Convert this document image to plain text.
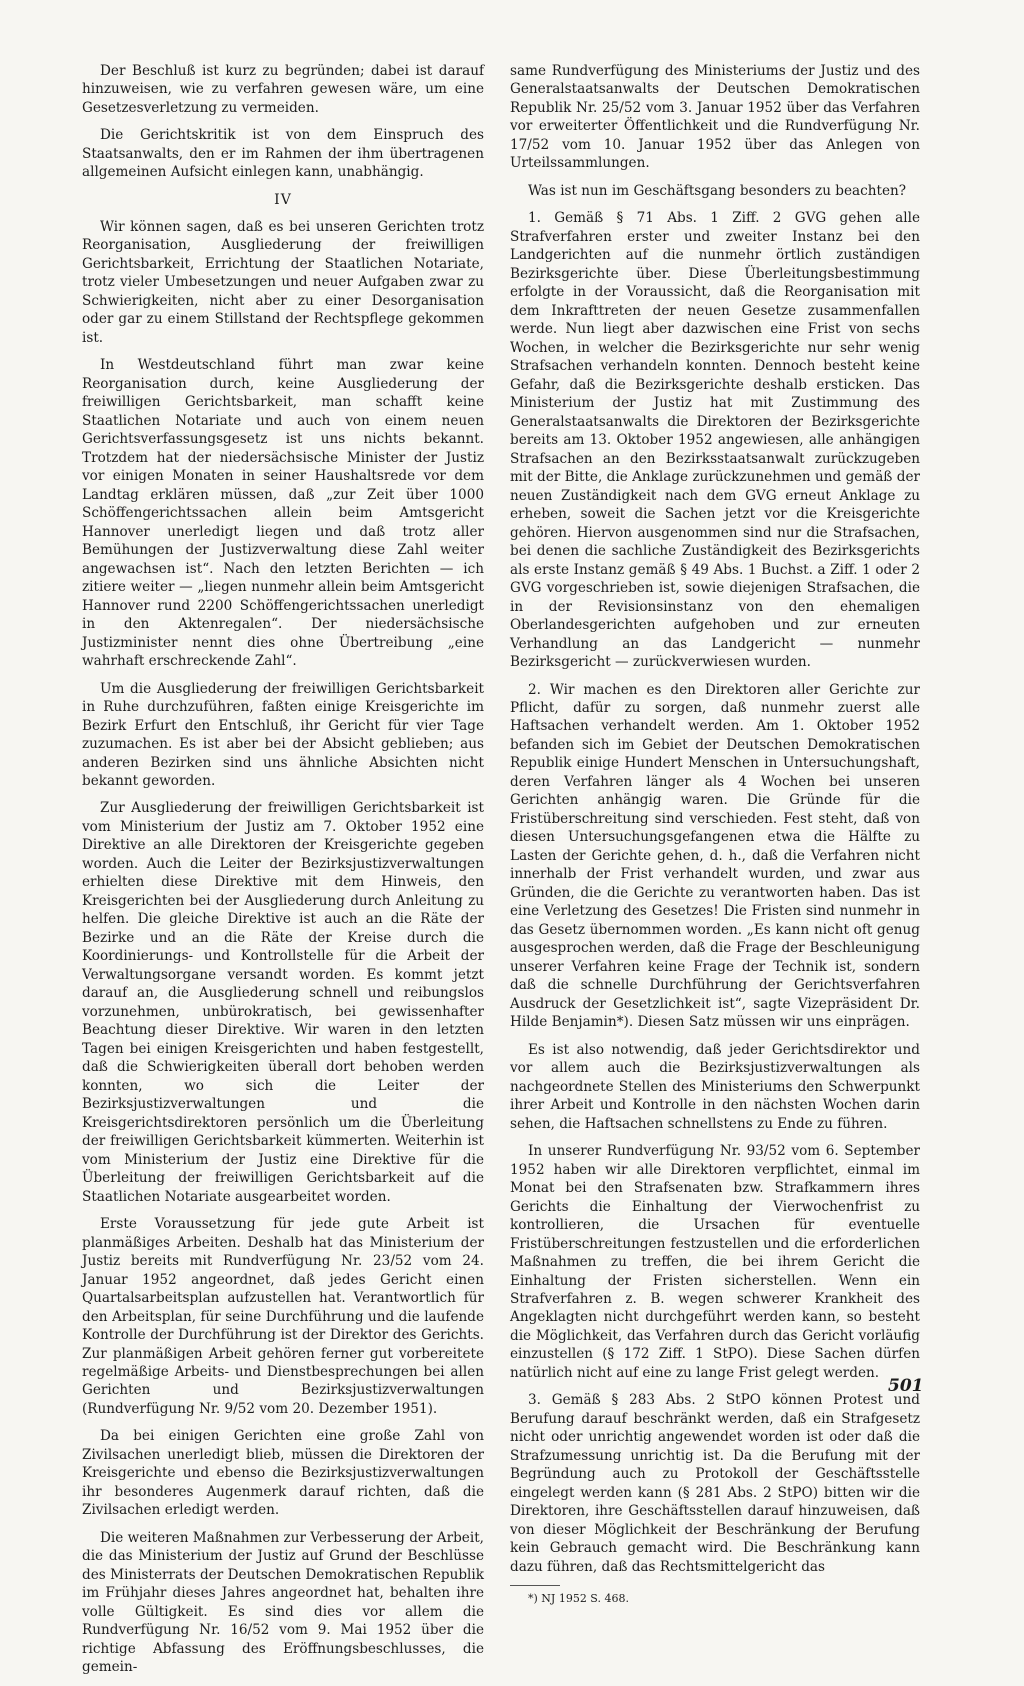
Der Beschluß ist kurz zu begründen; dabei ist darauf hinzuweisen, wie zu verfahren gewesen wäre, um eine Gesetzesverletzung zu vermeiden.

Die Gerichtskritik ist von dem Einspruch des Staatsanwalts, den er im Rahmen der ihm übertragenen allgemeinen Aufsicht einlegen kann, unabhängig.

IV

Wir können sagen, daß es bei unseren Gerichten trotz Reorganisation, Ausgliederung der freiwilligen Gerichtsbarkeit, Errichtung der Staatlichen Notariate, trotz vieler Umbesetzungen und neuer Aufgaben zwar zu Schwierigkeiten, nicht aber zu einer Desorganisation oder gar zu einem Stillstand der Rechtspflege gekommen ist.

In Westdeutschland führt man zwar keine Reorganisation durch, keine Ausgliederung der freiwilligen Gerichtsbarkeit, man schafft keine Staatlichen Notariate und auch von einem neuen Gerichtsverfassungsgesetz ist uns nichts bekannt. Trotzdem hat der niedersächsische Minister der Justiz vor einigen Monaten in seiner Haushaltsrede vor dem Landtag erklären müssen, daß „zur Zeit über 1000 Schöffengerichtssachen allein beim Amtsgericht Hannover unerledigt liegen und daß trotz aller Bemühungen der Justizverwaltung diese Zahl weiter angewachsen ist“. Nach den letzten Berichten — ich zitiere weiter — „liegen nunmehr allein beim Amtsgericht Hannover rund 2200 Schöffengerichtssachen unerledigt in den Aktenregalen“. Der niedersächsische Justizminister nennt dies ohne Übertreibung „eine wahrhaft erschreckende Zahl“.

Um die Ausgliederung der freiwilligen Gerichtsbarkeit in Ruhe durchzuführen, faßten einige Kreisgerichte im Bezirk Erfurt den Entschluß, ihr Gericht für vier Tage zuzumachen. Es ist aber bei der Absicht geblieben; aus anderen Bezirken sind uns ähnliche Absichten nicht bekannt geworden.

Zur Ausgliederung der freiwilligen Gerichtsbarkeit ist vom Ministerium der Justiz am 7. Oktober 1952 eine Direktive an alle Direktoren der Kreisgerichte gegeben worden. Auch die Leiter der Bezirksjustizverwaltungen erhielten diese Direktive mit dem Hinweis, den Kreisgerichten bei der Ausgliederung durch Anleitung zu helfen. Die gleiche Direktive ist auch an die Räte der Bezirke und an die Räte der Kreise durch die Koordinierungs- und Kontrollstelle für die Arbeit der Verwaltungsorgane versandt worden. Es kommt jetzt darauf an, die Ausgliederung schnell und reibungslos vorzunehmen, unbürokratisch, bei gewissenhafter Beachtung dieser Direktive. Wir waren in den letzten Tagen bei einigen Kreisgerichten und haben festgestellt, daß die Schwierigkeiten überall dort behoben werden konnten, wo sich die Leiter der Bezirksjustizverwaltungen und die Kreisgerichtsdirektoren persönlich um die Überleitung der freiwilligen Gerichtsbarkeit kümmerten. Weiterhin ist vom Ministerium der Justiz eine Direktive für die Überleitung der freiwilligen Gerichtsbarkeit auf die Staatlichen Notariate ausgearbeitet worden.

Erste Voraussetzung für jede gute Arbeit ist planmäßiges Arbeiten. Deshalb hat das Ministerium der Justiz bereits mit Rundverfügung Nr. 23/52 vom 24. Januar 1952 angeordnet, daß jedes Gericht einen Quartalsarbeitsplan aufzustellen hat. Verantwortlich für den Arbeitsplan, für seine Durchführung und die laufende Kontrolle der Durchführung ist der Direktor des Gerichts. Zur planmäßigen Arbeit gehören ferner gut vorbereitete regelmäßige Arbeits- und Dienstbesprechungen bei allen Gerichten und Bezirksjustizverwaltungen (Rundverfügung Nr. 9/52 vom 20. Dezember 1951).

Da bei einigen Gerichten eine große Zahl von Zivilsachen unerledigt blieb, müssen die Direktoren der Kreisgerichte und ebenso die Bezirksjustizverwaltungen ihr besonderes Augenmerk darauf richten, daß die Zivilsachen erledigt werden.

Die weiteren Maßnahmen zur Verbesserung der Arbeit, die das Ministerium der Justiz auf Grund der Beschlüsse des Ministerrats der Deutschen Demokratischen Republik im Frühjahr dieses Jahres angeordnet hat, behalten ihre volle Gültigkeit. Es sind dies vor allem die Rundverfügung Nr. 16/52 vom 9. Mai 1952 über die richtige Abfassung des Eröffnungsbeschlusses, die gemein-

same Rundverfügung des Ministeriums der Justiz und des Generalstaatsanwalts der Deutschen Demokratischen Republik Nr. 25/52 vom 3. Januar 1952 über das Verfahren vor erweiterter Öffentlichkeit und die Rundverfügung Nr. 17/52 vom 10. Januar 1952 über das Anlegen von Urteilssammlungen.

Was ist nun im Geschäftsgang besonders zu beachten?

1. Gemäß § 71 Abs. 1 Ziff. 2 GVG gehen alle Strafverfahren erster und zweiter Instanz bei den Landgerichten auf die nunmehr örtlich zuständigen Bezirksgerichte über. Diese Überleitungsbestimmung erfolgte in der Voraussicht, daß die Reorganisation mit dem Inkrafttreten der neuen Gesetze zusammenfallen werde. Nun liegt aber dazwischen eine Frist von sechs Wochen, in welcher die Bezirksgerichte nur sehr wenig Strafsachen verhandeln konnten. Dennoch besteht keine Gefahr, daß die Bezirksgerichte deshalb ersticken. Das Ministerium der Justiz hat mit Zustimmung des Generalstaatsanwalts die Direktoren der Bezirksgerichte bereits am 13. Oktober 1952 angewiesen, alle anhängigen Strafsachen an den Bezirksstaatsanwalt zurückzugeben mit der Bitte, die Anklage zurückzunehmen und gemäß der neuen Zuständigkeit nach dem GVG erneut Anklage zu erheben, soweit die Sachen jetzt vor die Kreisgerichte gehören. Hiervon ausgenommen sind nur die Strafsachen, bei denen die sachliche Zuständigkeit des Bezirksgerichts als erste Instanz gemäß § 49 Abs. 1 Buchst. a Ziff. 1 oder 2 GVG vorgeschrieben ist, sowie diejenigen Strafsachen, die in der Revisionsinstanz von den ehemaligen Oberlandesgerichten aufgehoben und zur erneuten Verhandlung an das Landgericht — nunmehr Bezirksgericht — zurückverwiesen wurden.

2. Wir machen es den Direktoren aller Gerichte zur Pflicht, dafür zu sorgen, daß nunmehr zuerst alle Haftsachen verhandelt werden. Am 1. Oktober 1952 befanden sich im Gebiet der Deutschen Demokratischen Republik einige Hundert Menschen in Untersuchungshaft, deren Verfahren länger als 4 Wochen bei unseren Gerichten anhängig waren. Die Gründe für die Fristüberschreitung sind verschieden. Fest steht, daß von diesen Untersuchungsgefangenen etwa die Hälfte zu Lasten der Gerichte gehen, d. h., daß die Verfahren nicht innerhalb der Frist verhandelt wurden, und zwar aus Gründen, die die Gerichte zu verantworten haben. Das ist eine Verletzung des Gesetzes! Die Fristen sind nunmehr in das Gesetz übernommen worden. „Es kann nicht oft genug ausgesprochen werden, daß die Frage der Beschleunigung unserer Verfahren keine Frage der Technik ist, sondern daß die schnelle Durchführung der Gerichtsverfahren Ausdruck der Gesetzlichkeit ist“, sagte Vizepräsident Dr. Hilde Benjamin*). Diesen Satz müssen wir uns einprägen.

Es ist also notwendig, daß jeder Gerichtsdirektor und vor allem auch die Bezirksjustizverwaltungen als nachgeordnete Stellen des Ministeriums den Schwerpunkt ihrer Arbeit und Kontrolle in den nächsten Wochen darin sehen, die Haftsachen schnellstens zu Ende zu führen.

In unserer Rundverfügung Nr. 93/52 vom 6. September 1952 haben wir alle Direktoren verpflichtet, einmal im Monat bei den Strafsenaten bzw. Strafkammern ihres Gerichts die Einhaltung der Vierwochenfrist zu kontrollieren, die Ursachen für eventuelle Fristüberschreitungen festzustellen und die erforderlichen Maßnahmen zu treffen, die bei ihrem Gericht die Einhaltung der Fristen sicherstellen. Wenn ein Strafverfahren z. B. wegen schwerer Krankheit des Angeklagten nicht durchgeführt werden kann, so besteht die Möglichkeit, das Verfahren durch das Gericht vorläufig einzustellen (§ 172 Ziff. 1 StPO). Diese Sachen dürfen natürlich nicht auf eine zu lange Frist gelegt werden.

3. Gemäß § 283 Abs. 2 StPO können Protest und Berufung darauf beschränkt werden, daß ein Strafgesetz nicht oder unrichtig angewendet worden ist oder daß die Strafzumessung unrichtig ist. Da die Berufung mit der Begründung auch zu Protokoll der Geschäftsstelle eingelegt werden kann (§ 281 Abs. 2 StPO) bitten wir die Direktoren, ihre Geschäftsstellen darauf hinzuweisen, daß von dieser Möglichkeit der Beschränkung der Berufung kein Gebrauch gemacht wird. Die Beschränkung kann dazu führen, daß das Rechtsmittelgericht das

*) NJ 1952 S. 468.

501
